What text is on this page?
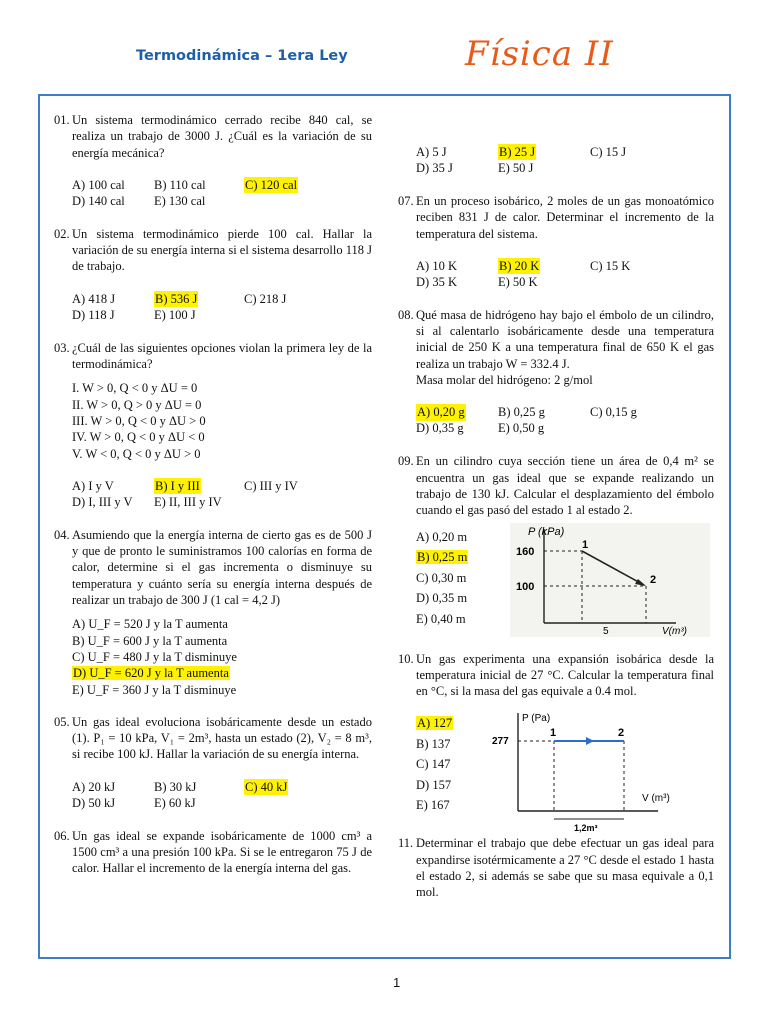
Termodinámica – 1era Ley	Física II
01. Un sistema termodinámico cerrado recibe 840 cal, se realiza un trabajo de 3000 J. ¿Cuál es la variación de su energía mecánica?
A) 100 cal B) 110 cal	C) 120 cal
D) 140 cal E) 130 cal
02. Un sistema termodinámico pierde 100 cal. Hallar la variación de su energía interna si el sistema desarrollo 118 J de trabajo.
A) 418 J	B) 536 J	C) 218 J
D) 118 J	E) 100 J
03. ¿Cuál de las siguientes opciones violan la primera ley de la termodinámica?
I. W > 0, Q < 0 y ΔU = 0
II. W > 0, Q > 0 y ΔU = 0
III. W > 0, Q < 0 y ΔU > 0
IV. W > 0, Q < 0 y ΔU < 0
V. W < 0, Q < 0 y ΔU > 0
A) I y V	B) I y III	C) III y IV
D) I, III y V E) II, III y IV
04. Asumiendo que la energía interna de cierto gas es de 500 J y que de pronto le suministramos 100 calorías en forma de calor, determine si el gas incrementa o disminuye su temperatura y cuánto sería su energía interna después de realizar un trabajo de 300 J (1 cal = 4,2 J)
A) U_F = 520 J y la T aumenta
B) U_F = 600 J y la T aumenta
C) U_F = 480 J y la T disminuye
D) U_F = 620 J y la T aumenta
E) U_F = 360 J y la T disminuye
05. Un gas ideal evoluciona isobáricamente desde un estado (1). P₁ = 10 kPa, V₁ = 2m³, hasta un estado (2), V₂ = 8 m³, si recibe 100 kJ. Hallar la variación de su energía interna.
A) 20 kJ	B) 30 kJ	C) 40 kJ
D) 50 kJ	E) 60 kJ
06. Un gas ideal se expande isobáricamente de 1000 cm³ a 1500 cm³ a una presión 100 kPa. Si se le entregaron 75 J de calor. Hallar el incremento de la energía interna del gas.
A) 5 J	B) 25 J	C) 15 J
D) 35 J	E) 50 J
07. En un proceso isobárico, 2 moles de un gas monoatómico reciben 831 J de calor. Determinar el incremento de la temperatura del sistema.
A) 10 K	B) 20 K	C) 15 K
D) 35 K	E) 50 K
08. Qué masa de hidrógeno hay bajo el émbolo de un cilindro, si al calentarlo isobáricamente desde una temperatura inicial de 250 K a una temperatura final de 650 K el gas realiza un trabajo W = 332.4 J.
Masa molar del hidrógeno: 2 g/mol
A) 0,20 g	B) 0,25 g	C) 0,15 g
D) 0,35 g	E) 0,50 g
09. En un cilindro cuya sección tiene un área de 0,4 m² se encuentra un gas ideal que se expande realizando un trabajo de 130 kJ. Calcular el desplazamiento del émbolo cuando el gas pasó del estado 1 al estado 2.
A) 0,20 m
B) 0,25 m
C) 0,30 m
D) 0,35 m
E) 0,40 m
P (kPa)
160
100
1
2
5	V(m³)
10. Un gas experimenta una expansión isobárica desde la temperatura inicial de 27 °C. Calcular la temperatura final en °C, si la masa del gas equivale a 0.4 mol.
A) 127
B) 137
C) 147
D) 157
E) 167
P (Pa)
277
1	2
V (m³)
1,2m³
11. Determinar el trabajo que debe efectuar un gas ideal para expandirse isotérmicamente a 27 °C desde el estado 1 hasta el estado 2, si además se sabe que su masa equivale a 0,1 mol.
1
